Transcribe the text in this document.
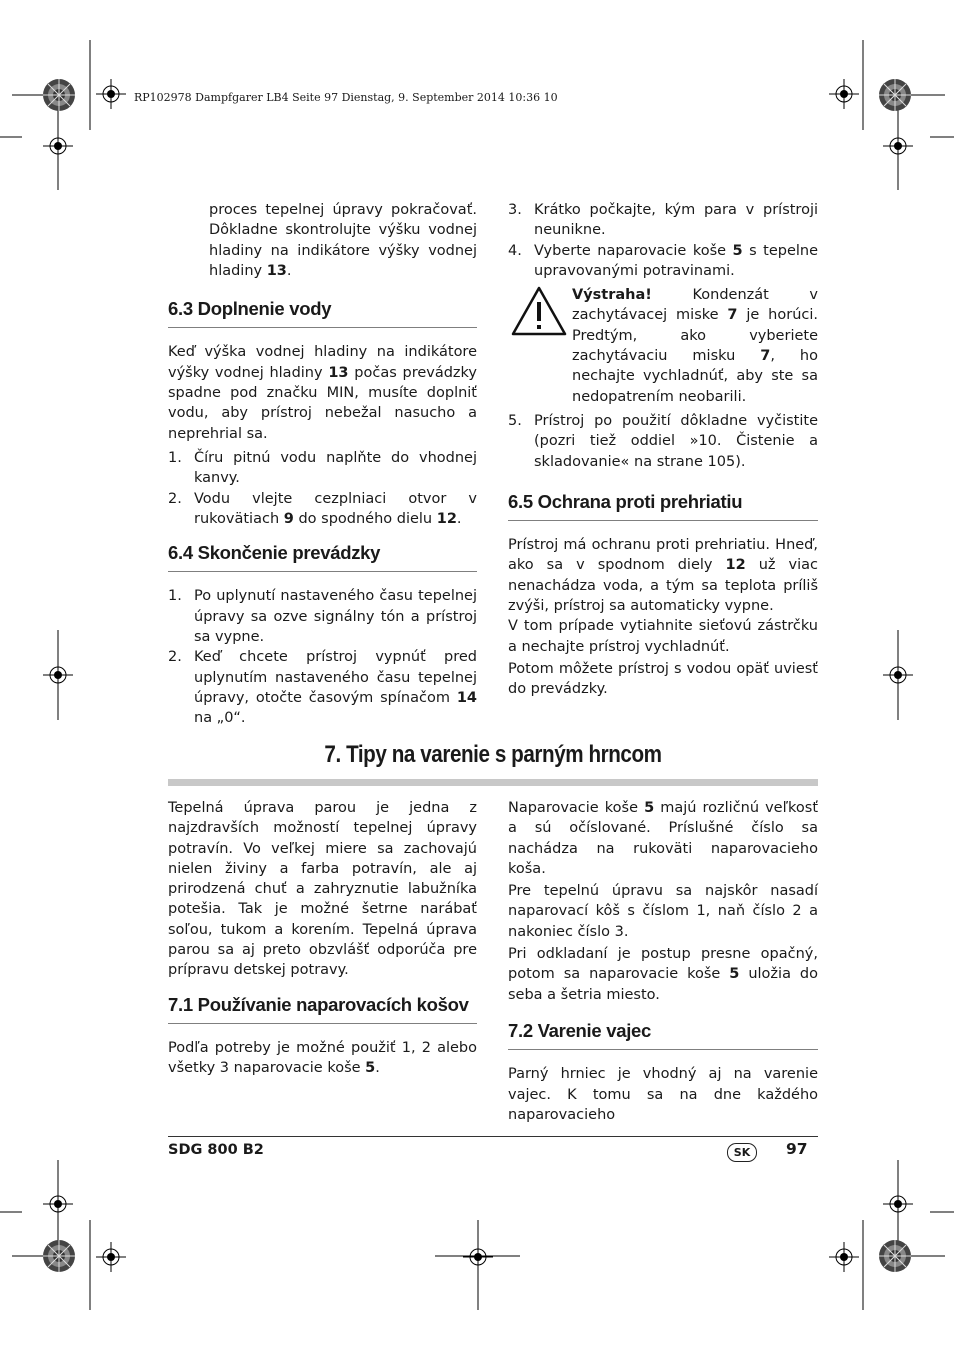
RP102978 Dampfgarer LB4 Seite 97 Dienstag, 9. September 2014 10:36 10

proces tepelnej úpravy pokračovať. Dôkladne skontrolujte výšku vodnej hladiny na indikátore výšky vodnej hladiny 13.

6.3 Doplnenie vody

Keď výška vodnej hladiny na indikátore výšky vodnej hladiny 13 počas prevádzky spadne pod značku MIN, musíte doplniť vodu, aby prístroj nebežal nasucho a neprehrial sa.

1. Číru pitnú vodu naplňte do vhodnej kanvy.
2. Vodu vlejte cezplniaci otvor v rukovätiach 9 do spodného dielu 12.
6.4 Skončenie prevádzky
1. Po uplynutí nastaveného času tepelnej úpravy sa ozve signálny tón a prístroj sa vypne.
2. Keď chcete prístroj vypnúť pred uplynutím nastaveného času tepelnej úpravy, otočte časovým spínačom 14 na „0“.
3. Krátko počkajte, kým para v prístroji neunikne.
4. Vyberte naparovacie koše 5 s tepelne upravovanými potravinami.

Výstraha!	Kondenzát v zachytávacej miske 7 je horúci. Predtým, ako vyberiete zachytávaciu misku 7, ho nechajte vychladnúť, aby ste sa nedopatrením neobarili.

5. Prístroj po použití dôkladne vyčistite (pozri tiež oddiel »10. Čistenie a skladovanie« na strane 105).
6.5 Ochrana proti prehriatiu

Prístroj má ochranu proti prehriatiu. Hneď, ako sa v spodnom diely 12 už viac nenachádza voda, a tým sa teplota príliš zvýši, prístroj sa automaticky vypne.

V tom prípade vytiahnite sieťovú zástrčku a nechajte prístroj vychladnúť.

Potom môžete prístroj s vodou opäť uviesť do prevádzky.

7. Tipy na varenie s parným hrncom

Tepelná úprava parou je jedna z najzdravších možností tepelnej úpravy potravín. Vo veľkej miere sa zachovajú nielen živiny a farba potravín, ale aj prirodzená chuť a zahryznutie labužníka potešia. Tak je možné šetrne narábať soľou, tukom a korením. Tepelná úprava parou sa aj preto obzvlášť odporúča pre prípravu detskej potravy.

7.1 Používanie naparovacích košov

Podľa potreby je možné použiť 1, 2 alebo všetky 3 naparovacie koše 5.

Naparovacie koše 5 majú rozličnú veľkosť a sú očíslované. Príslušné číslo sa nachádza na rukoväti naparovacieho koša.

Pre tepelnú úpravu sa najskôr nasadí naparovací kôš s číslom 1, naň číslo 2 a nakoniec číslo 3.

Pri odkladaní je postup presne opačný, potom sa naparovacie koše 5 uložia do seba a šetria miesto.

7.2 Varenie vajec

Parný hrniec je vhodný aj na varenie vajec. K tomu sa na dne každého naparovacieho

SDG 800 B2	SK	97
